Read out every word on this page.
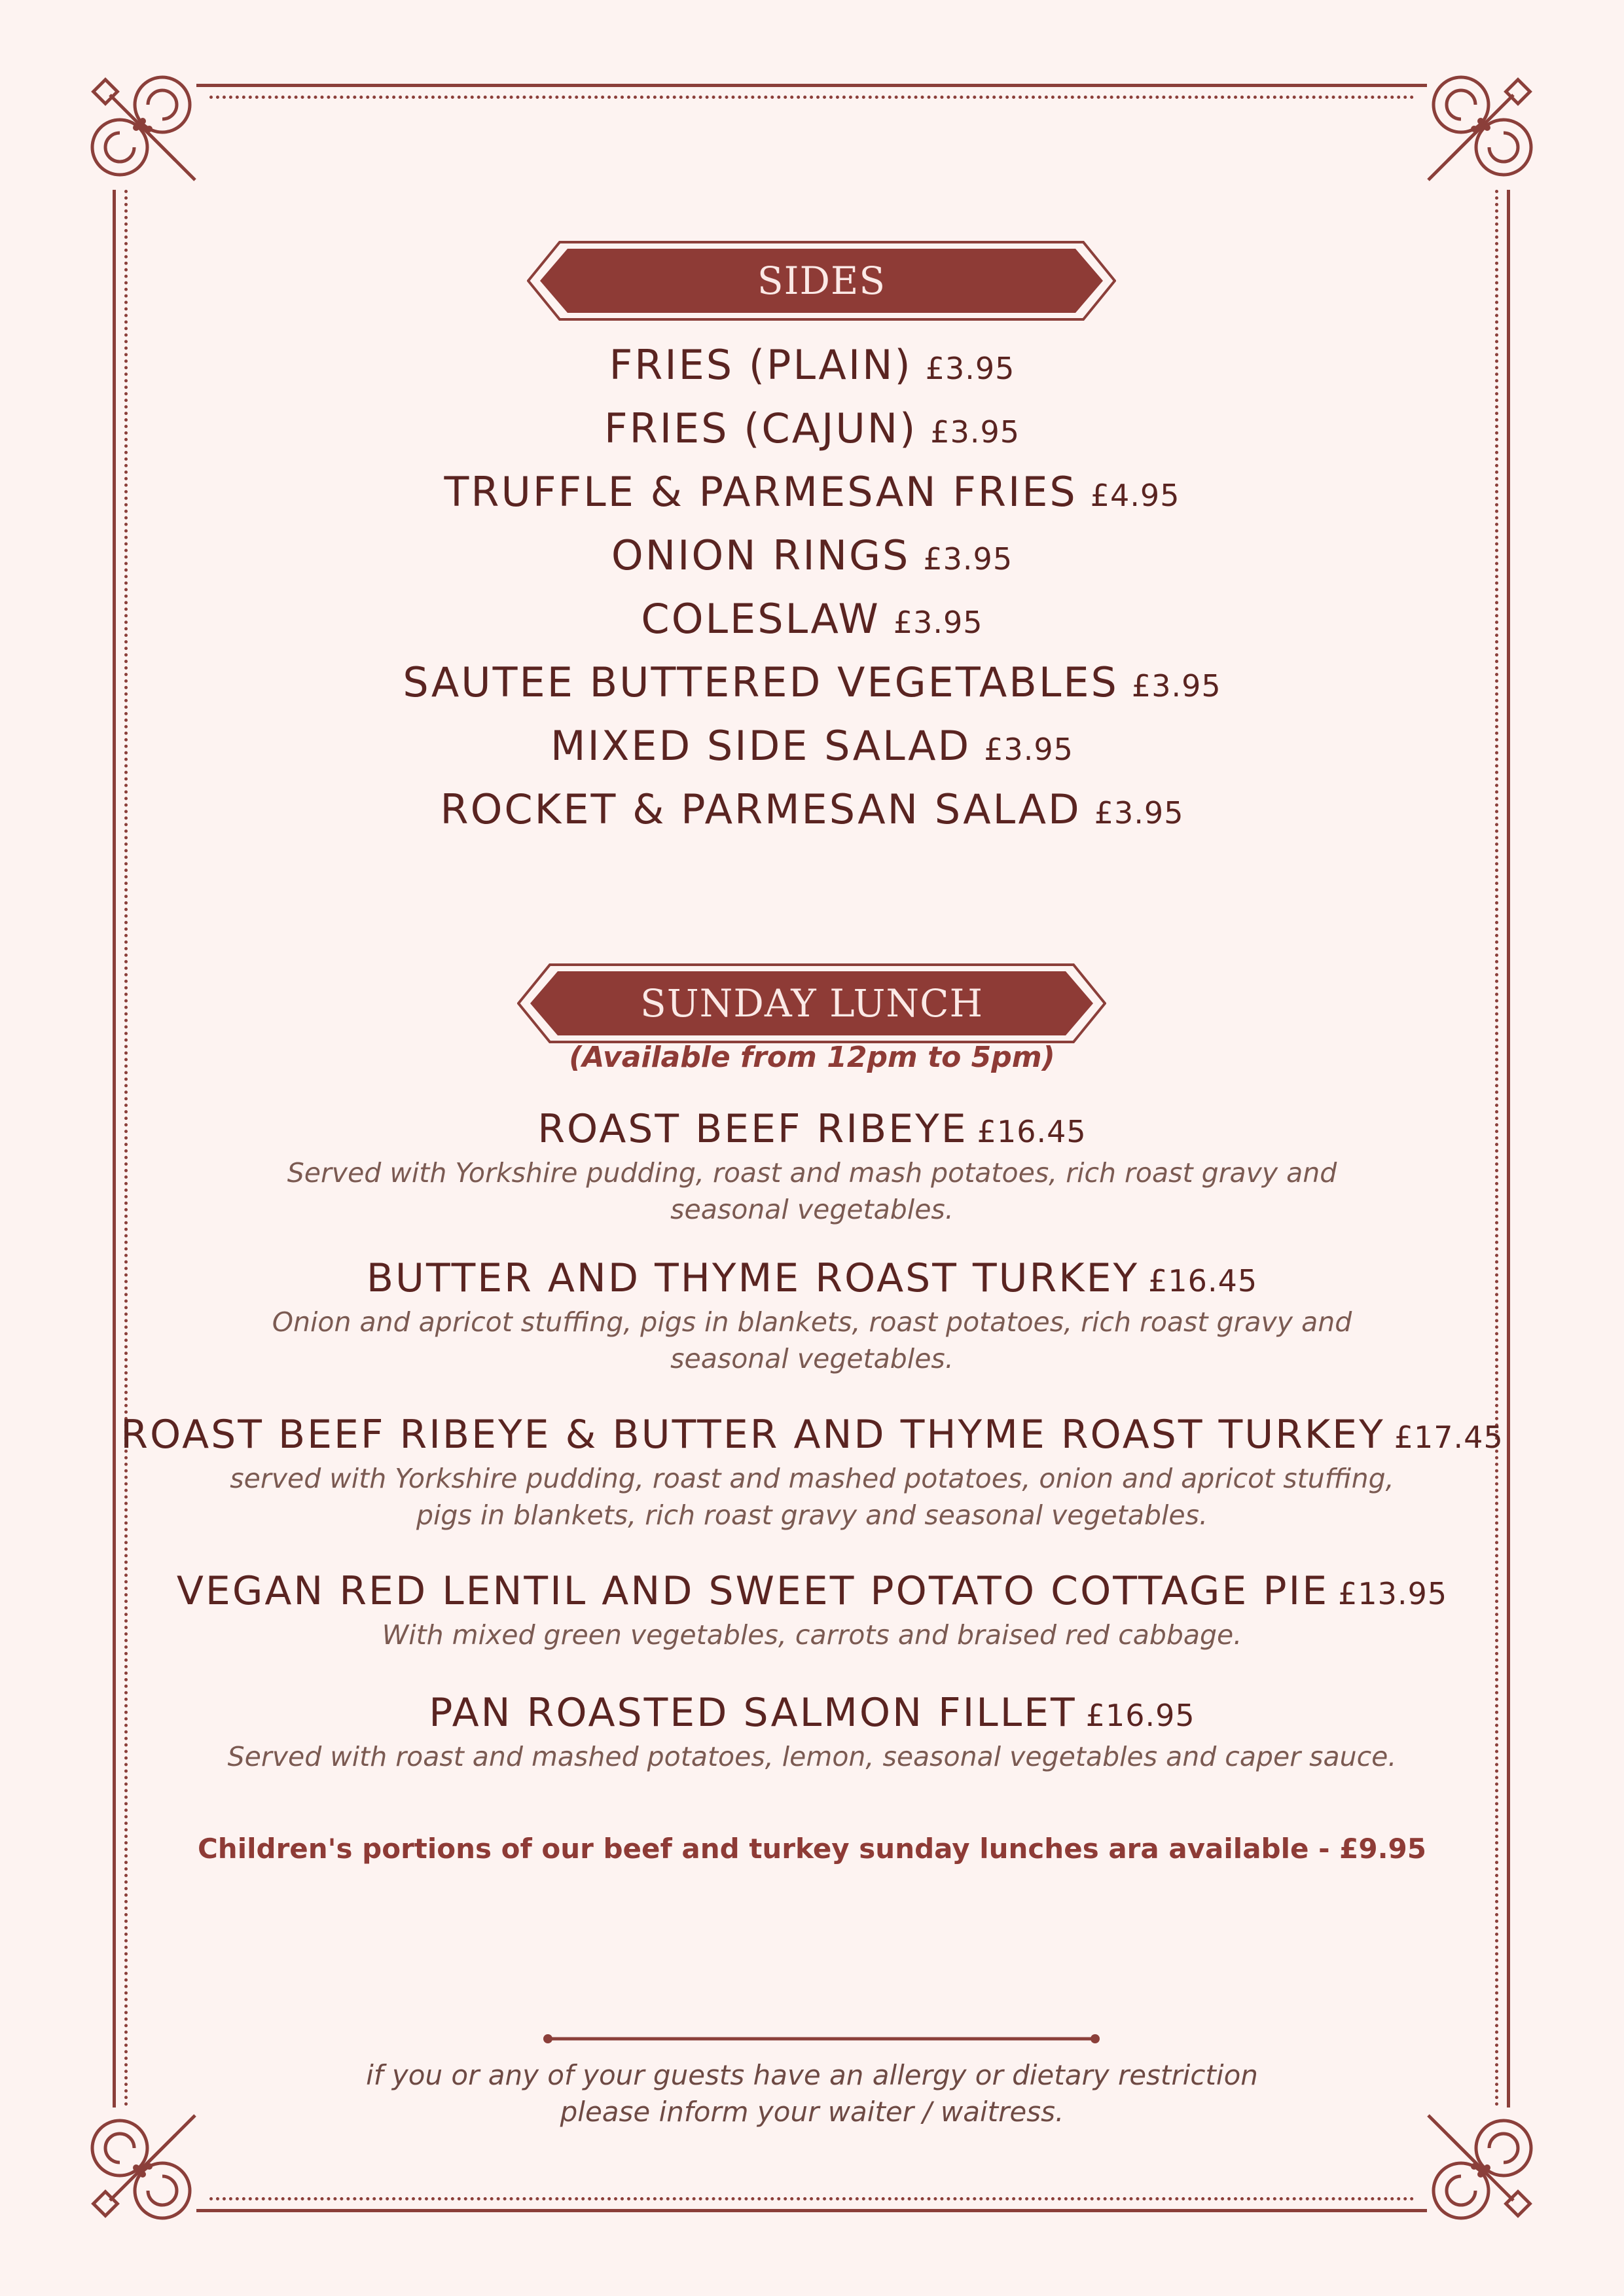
SIDES
FRIES (PLAIN) £3.95
FRIES (CAJUN) £3.95
TRUFFLE & PARMESAN FRIES £4.95
ONION RINGS £3.95
COLESLAW £3.95
SAUTEE BUTTERED VEGETABLES £3.95
MIXED SIDE SALAD £3.95
ROCKET & PARMESAN SALAD £3.95
SUNDAY LUNCH
(Available from 12pm to 5pm)
ROAST BEEF RIBEYE £16.45
Served with Yorkshire pudding, roast and mash potatoes, rich roast gravy and
seasonal vegetables.
BUTTER AND THYME ROAST TURKEY £16.45
Onion and apricot stuffing, pigs in blankets, roast potatoes, rich roast gravy and
seasonal vegetables.
ROAST BEEF RIBEYE & BUTTER AND THYME ROAST TURKEY £17.45
served with Yorkshire pudding, roast and mashed potatoes, onion and apricot stuffing,
pigs in blankets, rich roast gravy and seasonal vegetables.
VEGAN RED LENTIL AND SWEET POTATO COTTAGE PIE £13.95
With mixed green vegetables, carrots and braised red cabbage.
PAN ROASTED SALMON FILLET £16.95
Served with roast and mashed potatoes, lemon, seasonal vegetables and caper sauce.
Children's portions of our beef and turkey sunday lunches ara available - £9.95
if you or any of your guests have an allergy or dietary restriction
please inform your waiter / waitress.
